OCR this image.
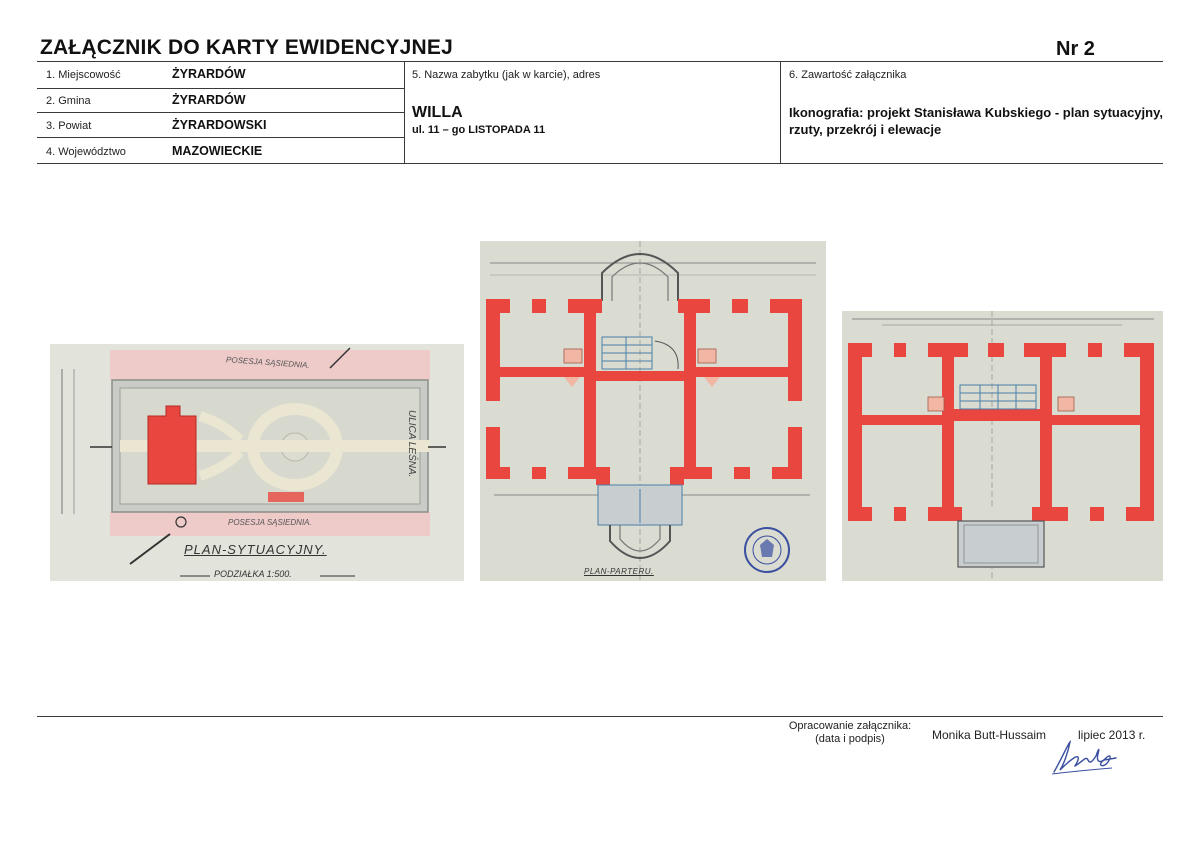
ZAŁĄCZNIK DO KARTY EWIDENCYJNEJ	Nr 2
1. Miejscowość	ŻYRARDÓW
2. Gmina	ŻYRARDÓW
3. Powiat	ŻYRARDOWSKI
4. Województwo	MAZOWIECKIE
5. Nazwa zabytku (jak w karcie), adres
WILLA
ul. 11 – go LISTOPADA 11
6. Zawartość załącznika
Ikonografia: projekt Stanisława Kubskiego - plan sytuacyjny, rzuty, przekrój i elewacje
POSESJA SĄSIEDNIA.
POSESJA SĄSIEDNIA.
ULICA LEŚNA.
PLAN-SYTUACYJNY.
PODZIAŁKA 1:500.	PLAN-PARTERU.
Opracowanie załącznika:
(data i podpis)	Monika Butt-Hussaim	lipiec 2013 r.
